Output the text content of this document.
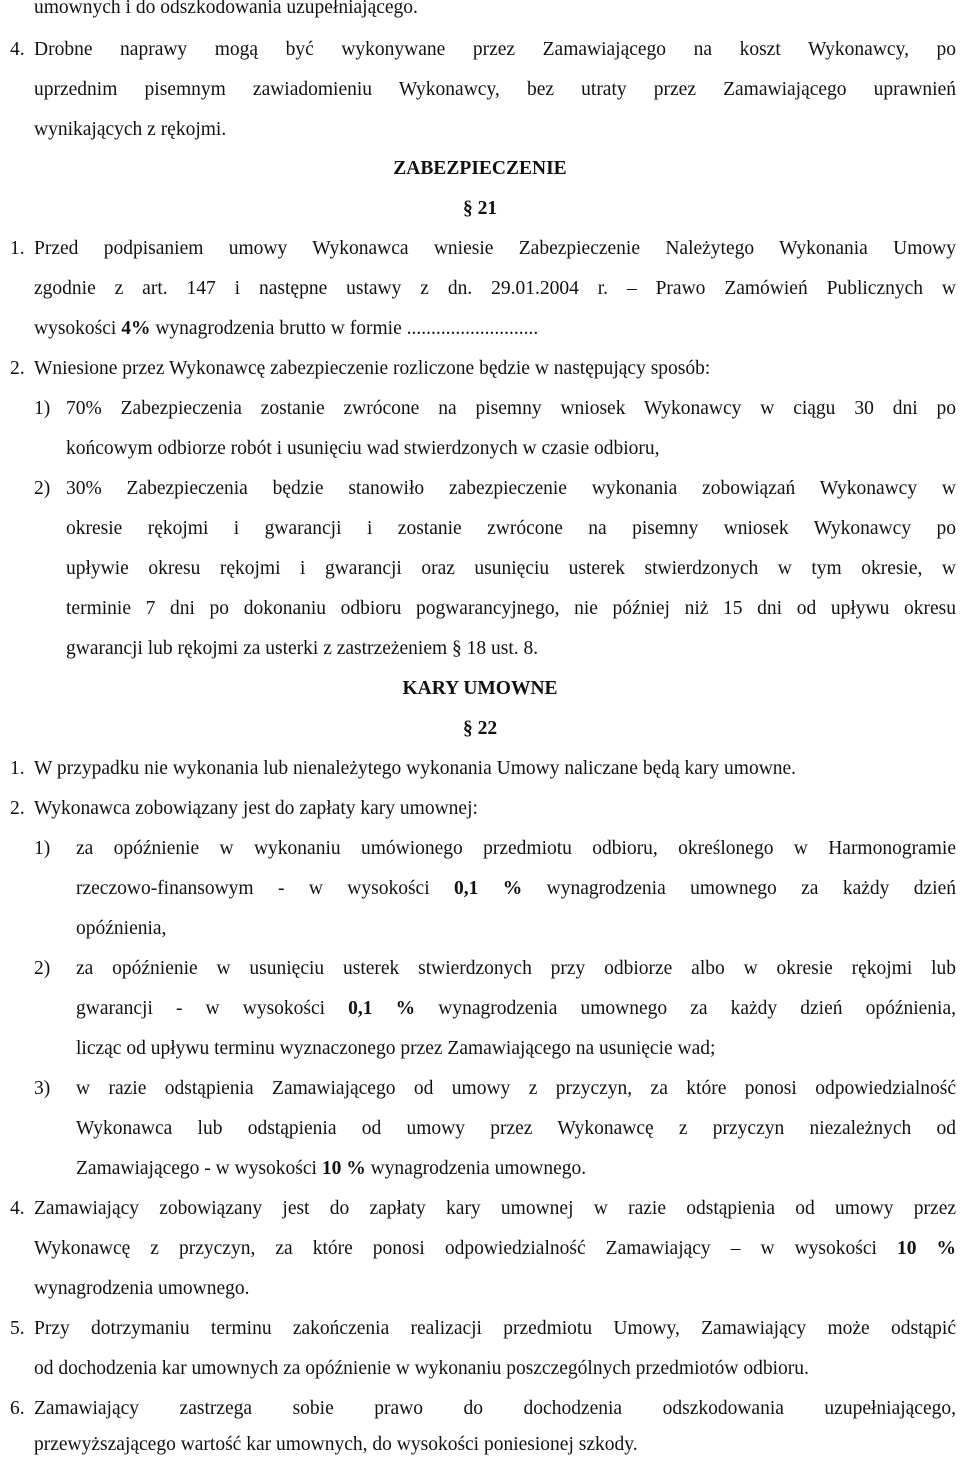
umownych i do odszkodowania uzupełniającego.

4. Drobne naprawy mogą być wykonywane przez Zamawiającego na koszt Wykonawcy, po

uprzednim pisemnym zawiadomieniu Wykonawcy, bez utraty przez Zamawiającego uprawnień

wynikających z rękojmi.

ZABEZPIECZENIE

§ 21

1. Przed podpisaniem umowy Wykonawca wniesie Zabezpieczenie Należytego Wykonania Umowy

zgodnie z art. 147 i następne ustawy z dn. 29.01.2004 r. – Prawo Zamówień Publicznych w

wysokości 4% wynagrodzenia brutto w formie ...........................

2. Wniesione przez Wykonawcę zabezpieczenie rozliczone będzie w następujący sposób:

1) 70% Zabezpieczenia zostanie zwrócone na pisemny wniosek Wykonawcy w ciągu 30 dni po

końcowym odbiorze robót i usunięciu wad stwierdzonych w czasie odbioru,

2) 30% Zabezpieczenia będzie stanowiło zabezpieczenie wykonania zobowiązań Wykonawcy w

okresie rękojmi i gwarancji i zostanie zwrócone na pisemny wniosek Wykonawcy po

upływie okresu rękojmi i gwarancji oraz usunięciu usterek stwierdzonych w tym okresie, w

terminie 7 dni po dokonaniu odbioru pogwarancyjnego, nie później niż 15 dni od upływu okresu

gwarancji lub rękojmi za usterki z zastrzeżeniem § 18 ust. 8.

KARY UMOWNE

§ 22

1. W przypadku nie wykonania lub nienależytego wykonania Umowy naliczane będą kary umowne.

2. Wykonawca zobowiązany jest do zapłaty kary umownej:

1) za opóźnienie w wykonaniu umówionego przedmiotu odbioru, określonego w Harmonogramie

rzeczowo-finansowym - w wysokości 0,1 % wynagrodzenia umownego za każdy dzień

opóźnienia,

2) za opóźnienie w usunięciu usterek stwierdzonych przy odbiorze albo w okresie rękojmi lub

gwarancji - w wysokości 0,1 % wynagrodzenia umownego za każdy dzień opóźnienia,

licząc od upływu terminu wyznaczonego przez Zamawiającego na usunięcie wad;

3) w razie odstąpienia Zamawiającego od umowy z przyczyn, za które ponosi odpowiedzialność

Wykonawca lub odstąpienia od umowy przez Wykonawcę z przyczyn niezależnych od

Zamawiającego - w wysokości 10 % wynagrodzenia umownego.

4. Zamawiający zobowiązany jest do zapłaty kary umownej w razie odstąpienia od umowy przez

Wykonawcę z przyczyn, za które ponosi odpowiedzialność Zamawiający – w wysokości 10 %

wynagrodzenia umownego.

5. Przy dotrzymaniu terminu zakończenia realizacji przedmiotu Umowy, Zamawiający może odstąpić

od dochodzenia kar umownych za opóźnienie w wykonaniu poszczególnych przedmiotów odbioru.

6. Zamawiający zastrzega sobie prawo do dochodzenia odszkodowania uzupełniającego,

przewyższającego wartość kar umownych, do wysokości poniesionej szkody.
